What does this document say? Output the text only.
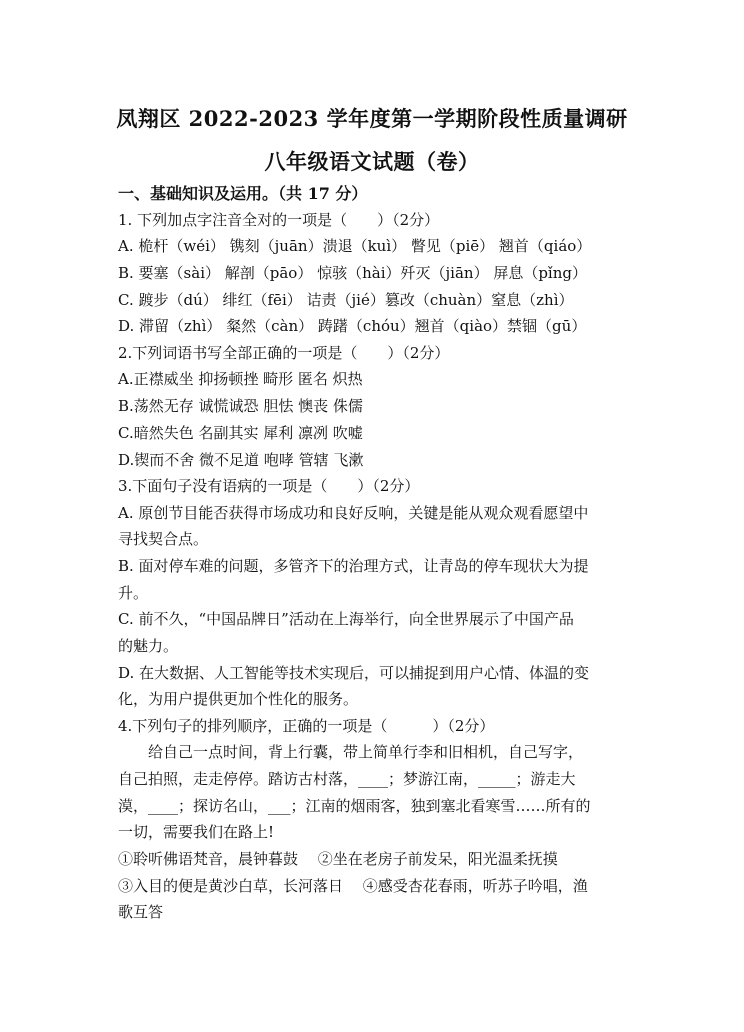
凤翔区 2022-2023 学年度第一学期阶段性质量调研
八年级语文试题（卷）
一、基础知识及运用。（共 17 分）
1. 下列加点字注音全对的一项是（　　）（2分）
A. 桅杆（wéi） 镌刻（juān）溃退（kuì） 瞥见（piē） 翘首（qiáo）
B. 要塞（sài） 解剖（pāo） 惊骇（hài）歼灭（jiān） 屏息（pǐng）
C. 踱步（dú） 绯红（fēi） 诘责（jié）篡改（chuàn）窒息（zhì）
D. 滞留（zhì） 粲然（càn） 踌躇（chóu）翘首（qiào）禁锢（gū）
2.下列词语书写全部正确的一项是（　　）（2分）
A.正襟威坐 抑扬顿挫 畸形 匿名 炽热
B.荡然无存 诚慌诚恐 胆怯 懊丧 侏儒
C.暗然失色 名副其实 犀利 凛冽 吹嘘
D.锲而不舍 微不足道 咆哮 管辖 飞漱
3.下面句子没有语病的一项是（　　）（2分）
A. 原创节目能否获得市场成功和良好反响，关键是能从观众观看愿望中
寻找契合点。
B. 面对停车难的问题，多管齐下的治理方式，让青岛的停车现状大为提
升。
C. 前不久，“中国品牌日”活动在上海举行，向全世界展示了中国产品
的魅力。
D. 在大数据、人工智能等技术实现后，可以捕捉到用户心情、体温的变
化，为用户提供更加个性化的服务。
4.下列句子的排列顺序，正确的一项是（　　　）（2分）
给自己一点时间，背上行囊，带上简单行李和旧相机，自己写字，
自己拍照，走走停停。踏访古村落，____；梦游江南，_____；游走大
漠，____；探访名山，___；江南的烟雨客，独到塞北看寒雪……所有的
一切，需要我们在路上!
①聆听佛语梵音，晨钟暮鼓　 ②坐在老房子前发呆，阳光温柔抚摸
③入目的便是黄沙白草，长河落日　 ④感受杏花春雨，听苏子吟唱，渔
歌互答
